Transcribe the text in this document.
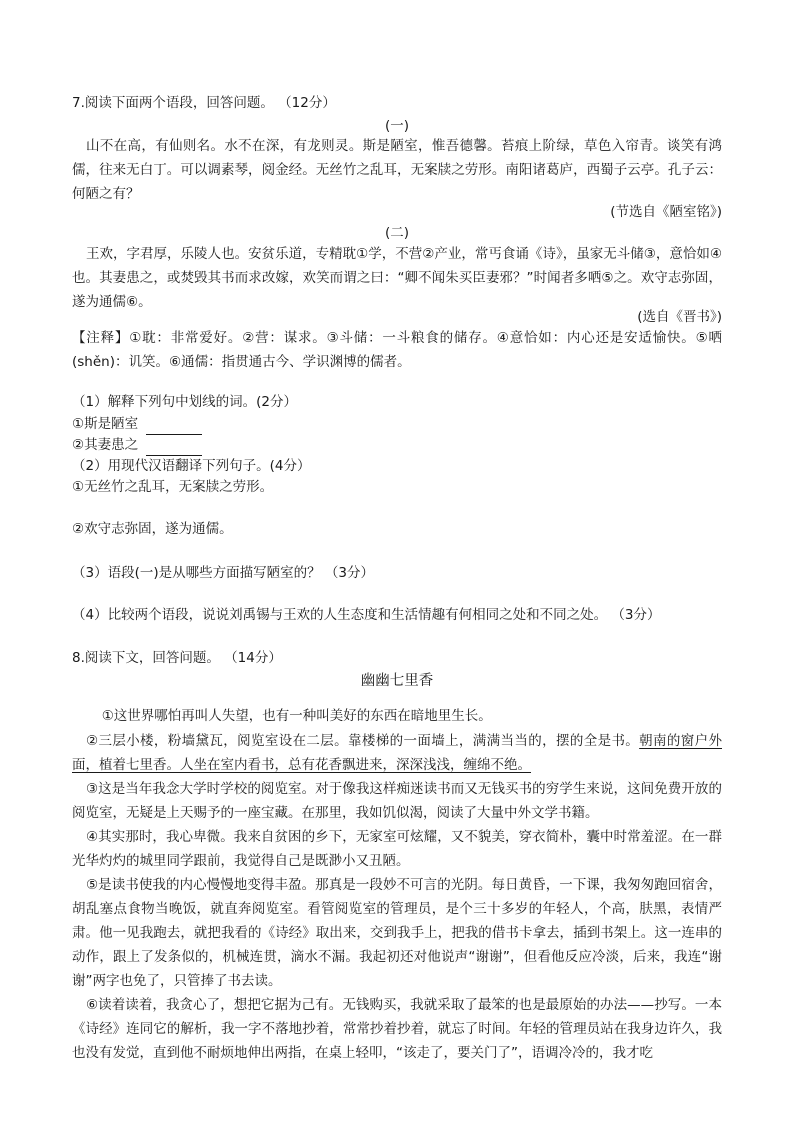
7.阅读下面两个语段，回答问题。 （12分）
(一)
山不在高，有仙则名。水不在深，有龙则灵。斯是陋室，惟吾德馨。苔痕上阶绿，草色入帘青。谈笑有鸿儒，往来无白丁。可以调素琴，阅金经。无丝竹之乱耳，无案牍之劳形。南阳诸葛庐，西蜀子云亭。孔子云：何陋之有？
(节选自《陋室铭》)
(二)
王欢，字君厚，乐陵人也。安贫乐道，专精耽①学，不营②产业，常丐食诵《诗》，虽家无斗储③，意恰如④也。其妻患之，或焚毁其书而求改嫁，欢笑而谓之曰：“卿不闻朱买臣妻邪？”时闻者多哂⑤之。欢守志弥固，遂为通儒⑥。
(选自《晋书》)
【注释】①耽：非常爱好。②营：谋求。③斗储：一斗粮食的储存。④意恰如：内心还是安适愉快。⑤哂(shěn)：讥笑。⑥通儒：指贯通古今、学识渊博的儒者。
（1）解释下列句中划线的词。(2分）
①斯是陋室
②其妻患之
（2）用现代汉语翻译下列句子。(4分）
①无丝竹之乱耳，无案牍之劳形。
②欢守志弥固，遂为通儒。
（3）语段(一)是从哪些方面描写陋室的？ （3分）
（4）比较两个语段，说说刘禹锡与王欢的人生态度和生活情趣有何相同之处和不同之处。 （3分）
8.阅读下文，回答问题。 （14分）
幽幽七里香
①这世界哪怕再叫人失望，也有一种叫美好的东西在暗地里生长。
②三层小楼，粉墙黛瓦，阅览室设在二层。靠楼梯的一面墙上，满满当当的，摆的全是书。朝南的窗户外面，植着七里香。人坐在室内看书，总有花香飘进来，深深浅浅，缠绵不绝。
③这是当年我念大学时学校的阅览室。对于像我这样痴迷读书而又无钱买书的穷学生来说，这间免费开放的阅览室，无疑是上天赐予的一座宝藏。在那里，我如饥似渴，阅读了大量中外文学书籍。
④其实那时，我心卑微。我来自贫困的乡下，无家室可炫耀，又不貌美，穿衣简朴，囊中时常羞涩。在一群光华灼灼的城里同学跟前，我觉得自己是既渺小又丑陋。
⑤是读书使我的内心慢慢地变得丰盈。那真是一段妙不可言的光阴。每日黄昏，一下课，我匆匆跑回宿舍，胡乱塞点食物当晚饭，就直奔阅览室。看管阅览室的管理员，是个三十多岁的年轻人，个高，肤黑，表情严肃。他一见我跑去，就把我看的《诗经》取出来，交到我手上，把我的借书卡拿去，插到书架上。这一连串的动作，跟上了发条似的，机械连贯，滴水不漏。我起初还对他说声“谢谢”，但看他反应冷淡，后来，我连“谢谢”两字也免了，只管捧了书去读。
⑥读着读着，我贪心了，想把它据为己有。无钱购买，我就采取了最笨的也是最原始的办法——抄写。一本《诗经》连同它的解析，我一字不落地抄着，常常抄着抄着，就忘了时间。年轻的管理员站在我身边许久，我也没有发觉，直到他不耐烦地伸出两指，在桌上轻叩，“该走了，要关门了”，语调冷冷的，我才吃
